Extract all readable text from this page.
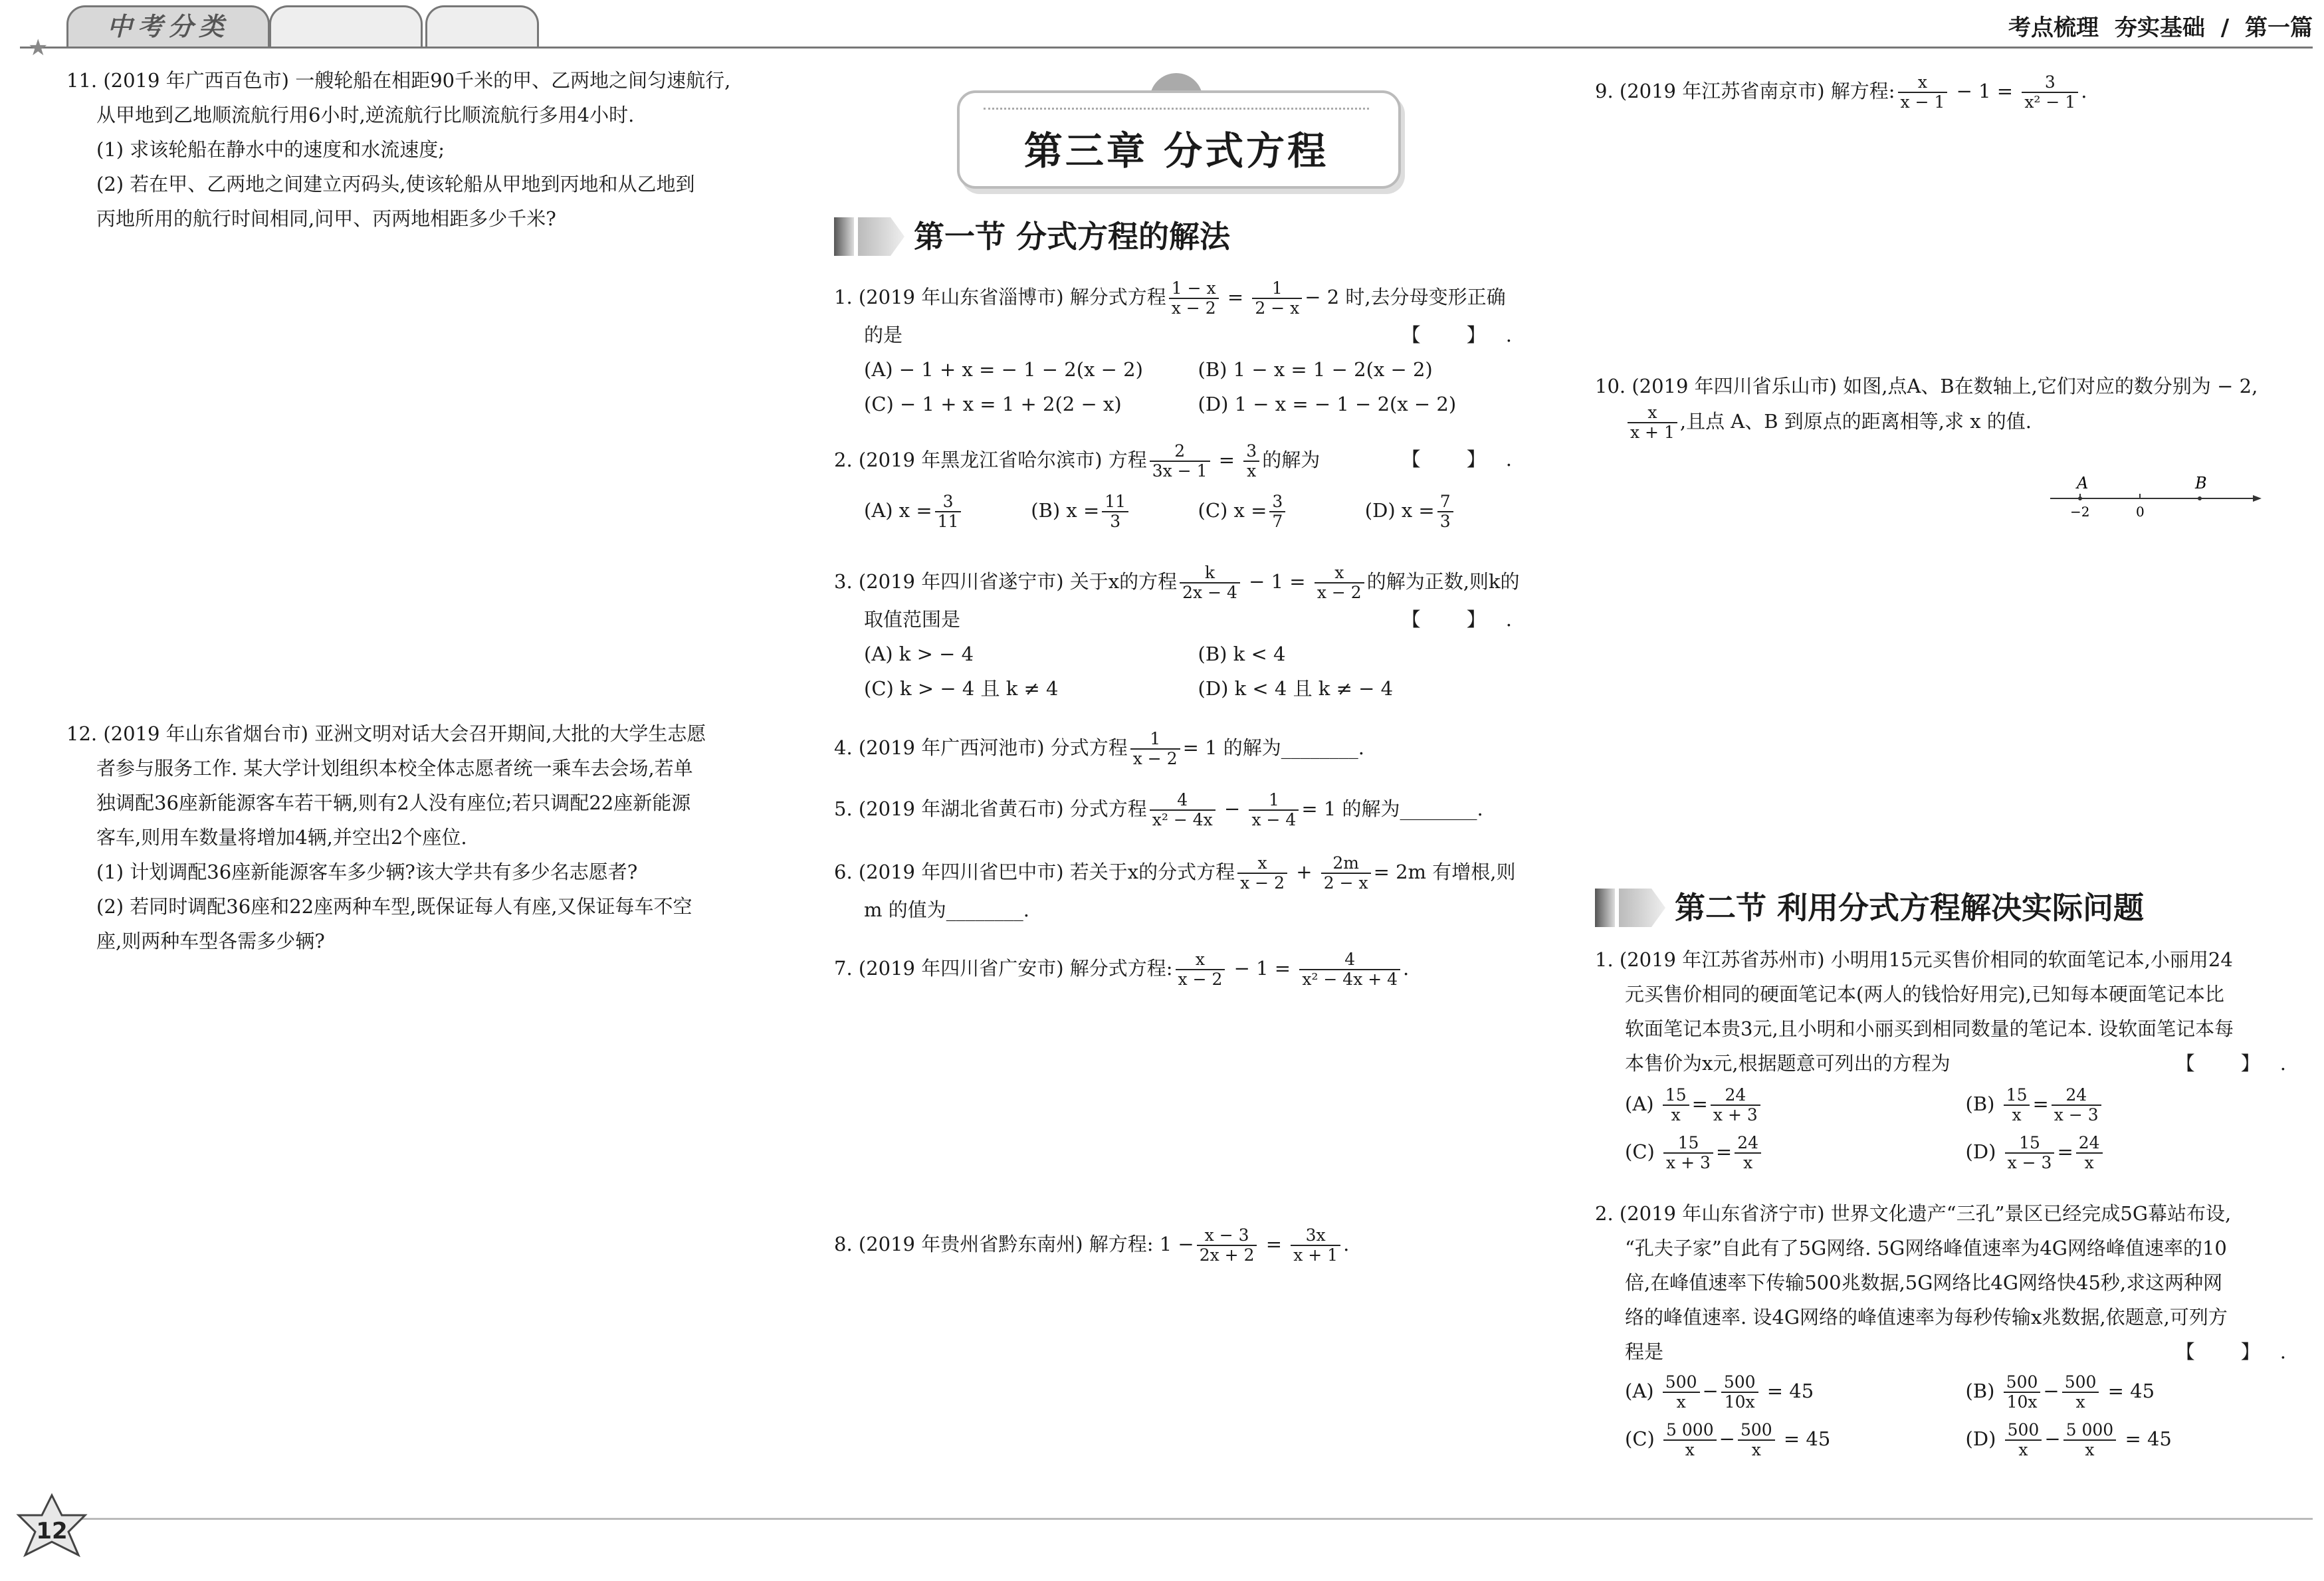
中考分类	考点梳理 夯实基础 / 第一篇
★

11. (2019 年广西百色市) 一艘轮船在相距90千米的甲、乙两地之间匀速航行,

从甲地到乙地顺流航行用6小时,逆流航行比顺流航行多用4小时.

(1) 求该轮船在静水中的速度和水流速度;

(2) 若在甲、乙两地之间建立丙码头,使该轮船从甲地到丙地和从乙地到

丙地所用的航行时间相同,问甲、丙两地相距多少千米?

12. (2019 年山东省烟台市) 亚洲文明对话大会召开期间,大批的大学生志愿

者参与服务工作. 某大学计划组织本校全体志愿者统一乘车去会场,若单

独调配36座新能源客车若干辆,则有2人没有座位;若只调配22座新能源

客车,则用车数量将增加4辆,并空出2个座位.

(1) 计划调配36座新能源客车多少辆?该大学共有多少名志愿者?

(2) 若同时调配36座和22座两种车型,既保证每人有座,又保证每车不空

座,则两种车型各需多少辆?

第三章 分式方程
第一节 分式方程的解法

1. (2019 年山东省淄博市) 解分式方程 $\frac{1 - x}{x - 2} = \frac{1}{2 - x} - 2$ 时,去分母变形正确

的是	【 】.

(A) − 1 + x = − 1 − 2(x − 2)	(B) 1 − x = 1 − 2(x − 2)
(C) − 1 + x = 1 + 2(2 − x)	(D) 1 − x = − 1 − 2(x − 2)

2. (2019 年黑龙江省哈尔滨市) 方程 $\frac{2}{3x - 1} = \frac{3}{x}$ 的解为	【 】.

(A) $x = \frac{3}{11}$	(B) $x = \frac{11}{3}$	(C) $x = \frac{3}{7}$	(D) $x = \frac{7}{3}$

3. (2019 年四川省遂宁市) 关于x的方程 $\frac{k}{2x - 4} - 1 = \frac{x}{x - 2}$ 的解为正数,则k的

取值范围是	【 】.

(A) k > − 4	(B) k < 4
(C) k > − 4 且 k ≠ 4	(D) k < 4 且 k ≠ − 4

4. (2019 年广西河池市) 分式方程 $\frac{1}{x - 2} = 1$ 的解为________.

5. (2019 年湖北省黄石市) 分式方程 $\frac{4}{\text{x² − 4x}} - \frac{1}{x - 4} = 1$ 的解为________.

6. (2019 年四川省巴中市) 若关于x的分式方程 $\frac{x}{x - 2} + \frac{2m}{2 - x} = 2m$ 有增根,则

m 的值为________.

7. (2019 年四川省广安市) 解分式方程: $\frac{x}{x - 2} - 1 = \frac{4}{\text{x² − 4x + 4}}$ .

8. (2019 年贵州省黔东南州) 解方程: $1 - \frac{x - 3}{2x + 2} = \frac{3x}{x + 1}$ .

9. (2019 年江苏省南京市) 解方程: $\frac{x}{x - 1} - 1 = \frac{3}{\text{x² − 1}}$ .

10. (2019 年四川省乐山市) 如图,点A、B在数轴上,它们对应的数分别为 − 2,

$\frac{x}{x + 1}$ ,且点 A、B 到原点的距离相等,求 x 的值.

A	B
−2	0
第二节 利用分式方程解决实际问题

1. (2019 年江苏省苏州市) 小明用15元买售价相同的软面笔记本,小丽用24

元买售价相同的硬面笔记本(两人的钱恰好用完),已知每本硬面笔记本比

软面笔记本贵3元,且小明和小丽买到相同数量的笔记本. 设软面笔记本每

本售价为x元,根据题意可列出的方程为	【 】.

$(A) \frac{15}{x} = \frac{24}{x + 3}$	$(B) \frac{15}{x} = \frac{24}{x - 3}$
$(C) \frac{15}{x + 3} = \frac{24}{x}$	$(D) \frac{15}{x - 3} = \frac{24}{x}$

2. (2019 年山东省济宁市) 世界文化遗产“三孔”景区已经完成5G幕站布设,

“孔夫子家”自此有了5G网络. 5G网络峰值速率为4G网络峰值速率的10

倍,在峰值速率下传输500兆数据,5G网络比4G网络快45秒,求这两种网

络的峰值速率. 设4G网络的峰值速率为每秒传输x兆数据,依题意,可列方

程是	【 】.

$(A) \frac{500}{x} - \frac{500}{10x} = 45$	$(B) \frac{500}{10x} - \frac{500}{x} = 45$
$(C) \frac{5 000}{x} - \frac{500}{x} = 45$	$(D) \frac{500}{x} - \frac{5 000}{x} = 45$
12
